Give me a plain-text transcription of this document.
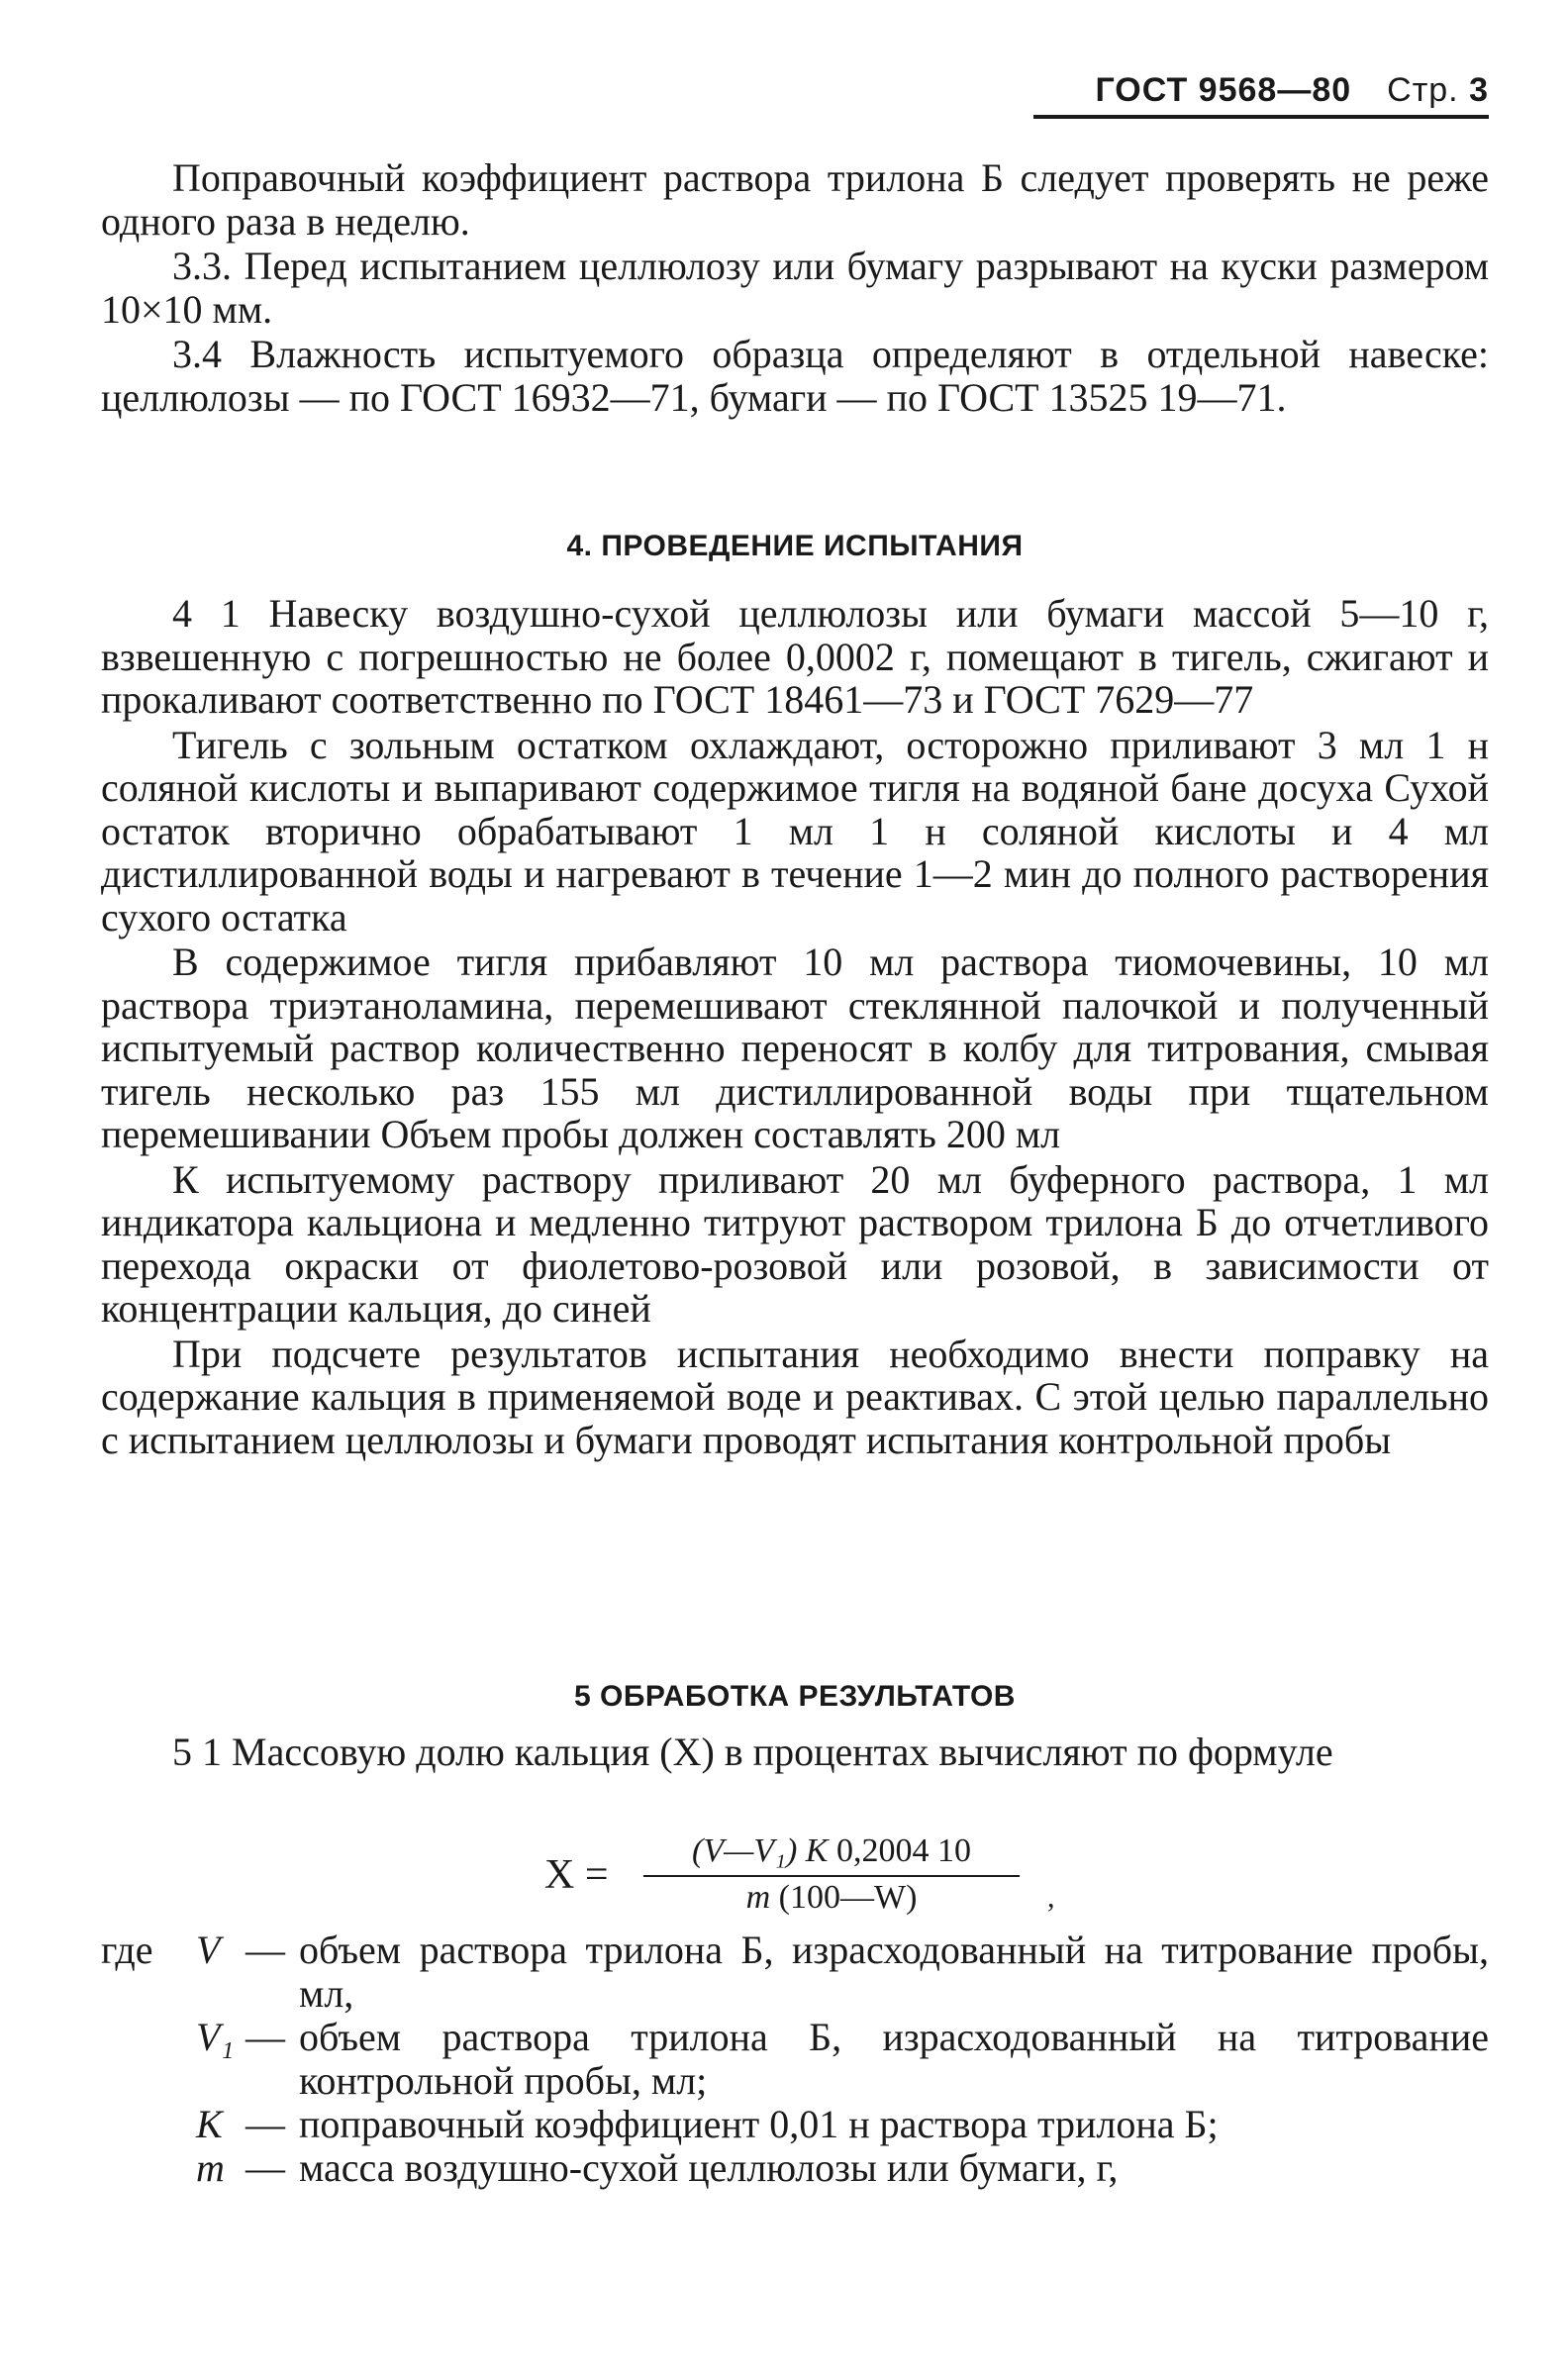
ГОСТ 9568—80 Стр. 3

Поправочный коэффициент раствора трилона Б следует проверять не реже одного раза в неделю.

3.3. Перед испытанием целлюлозу или бумагу разрывают на куски размером 10×10 мм.

3.4 Влажность испытуемого образца определяют в отдельной навеске: целлюлозы — по ГОСТ 16932—71, бумаги — по ГОСТ 13525 19—71.

4. ПРОВЕДЕНИЕ ИСПЫТАНИЯ

4 1 Навеску воздушно-сухой целлюлозы или бумаги массой 5—10 г, взвешенную с погрешностью не более 0,0002 г, помещают в тигель, сжигают и прокаливают соответственно по ГОСТ 18461—73 и ГОСТ 7629—77

Тигель с зольным остатком охлаждают, осторожно приливают 3 мл 1 н соляной кислоты и выпаривают содержимое тигля на водяной бане досуха Сухой остаток вторично обрабатывают 1 мл 1 н соляной кислоты и 4 мл дистиллированной воды и нагревают в течение 1—2 мин до полного растворения сухого остатка

В содержимое тигля прибавляют 10 мл раствора тиомочевины, 10 мл раствора триэтаноламина, перемешивают стеклянной палочкой и полученный испытуемый раствор количественно переносят в колбу для титрования, смывая тигель несколько раз 155 мл дистиллированной воды при тщательном перемешивании Объем пробы должен составлять 200 мл

К испытуемому раствору приливают 20 мл буферного раствора, 1 мл индикатора кальциона и медленно титруют раствором трилона Б до отчетливого перехода окраски от фиолетово-розовой или розовой, в зависимости от концентрации кальция, до синей

При подсчете результатов испытания необходимо внести поправку на содержание кальция в применяемой воде и реактивах. С этой целью параллельно с испытанием целлюлозы и бумаги проводят испытания контрольной пробы

5 ОБРАБОТКА РЕЗУЛЬТАТОВ

5 1 Массовую долю кальция (Х) в процентах вычисляют по формуле

Х =
(V—V₁) K 0,2004 10
m (100—W)	,
где V — объем раствора трилона Б, израсходованный на титрование пробы, мл,
V₁ — объем раствора трилона Б, израсходованный на титрование контрольной пробы, мл;
K — поправочный коэффициент 0,01 н раствора трилона Б;
m — масса воздушно-сухой целлюлозы или бумаги, г,
